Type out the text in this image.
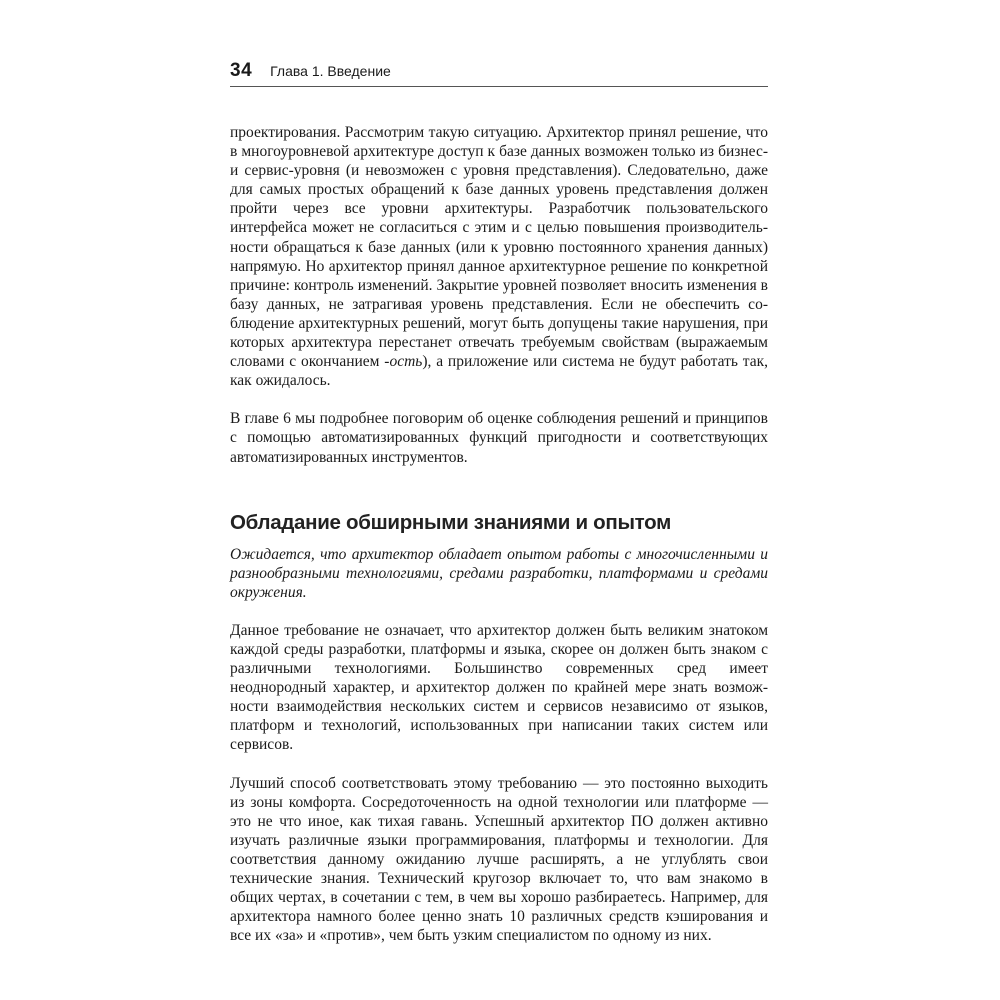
34 Глава 1. Введение

проектирования. Рассмотрим такую ситуацию. Архитектор принял решение, что в многоуровневой архитектуре доступ к базе данных возможен только из бизнес- и сервис-уровня (и невозможен с уровня представления). Следовательно, даже для самых простых обращений к базе данных уровень представления должен пройти через все уровни архитектуры. Разработчик пользовательского интерфейса может не согласиться с этим и с целью повышения производительности обращаться к базе данных (или к уровню постоянного хранения данных) напрямую. Но архитектор принял данное архитектурное решение по конкретной причине: контроль изменений. Закрытие уровней позволяет вносить изменения в базу данных, не затрагивая уровень представления. Если не обеспечить соблюдение архитектурных решений, могут быть допущены такие нарушения, при которых архитектура перестанет отвечать требуемым свойствам (выражаемым словами с окончанием -ость), а приложение или система не будут работать так, как ожидалось.

В главе 6 мы подробнее поговорим об оценке соблюдения решений и принципов с помощью автоматизированных функций пригодности и соответствующих автоматизированных инструментов.

Обладание обширными знаниями и опытом

Ожидается, что архитектор обладает опытом работы с многочисленными и разнообразными технологиями, средами разработки, платформами и средами окружения.

Данное требование не означает, что архитектор должен быть великим знатоком каждой среды разработки, платформы и языка, скорее он должен быть знаком с различными технологиями. Большинство современных сред имеет неоднородный характер, и архитектор должен по крайней мере знать возможности взаимодействия нескольких систем и сервисов независимо от языков, платформ и технологий, использованных при написании таких систем или сервисов.

Лучший способ соответствовать этому требованию — это постоянно выходить из зоны комфорта. Сосредоточенность на одной технологии или платформе — это не что иное, как тихая гавань. Успешный архитектор ПО должен активно изучать различные языки программирования, платформы и технологии. Для соответствия данному ожиданию лучше расширять, а не углублять свои технические знания. Технический кругозор включает то, что вам знакомо в общих чертах, в сочетании с тем, в чем вы хорошо разбираетесь. Например, для архитектора намного более ценно знать 10 различных средств кэширования и все их «за» и «против», чем быть узким специалистом по одному из них.
